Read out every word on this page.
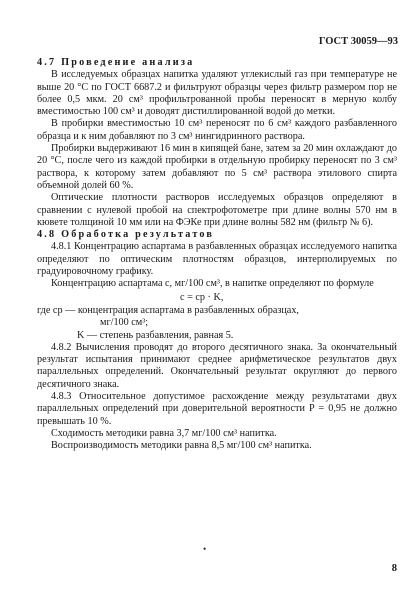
ГОСТ 30059—93

4.7 Проведение анализа

В исследуемых образцах напитка удаляют углекислый газ при температуре не выше 20 °C по ГОСТ 6687.2 и фильтруют образцы через фильтр размером пор не более 0,5 мкм. 20 см³ профильтрованной пробы переносят в мерную колбу вместимостью 100 см³ и доводят дистиллированной водой до метки.

В пробирки вместимостью 10 см³ переносят по 6 см³ каждого разбавленного образца и к ним добавляют по 3 см³ нингидринного раствора.

Пробирки выдерживают 16 мин в кипящей бане, затем за 20 мин охлаждают до 20 °C, после чего из каждой пробирки в отдельную пробирку переносят по 3 см³ раствора, к которому затем добавляют по 5 см³ раствора этилового спирта объемной долей 60 %.

Оптические плотности растворов исследуемых образцов определяют в сравнении с нулевой пробой на спектрофотометре при длине волны 570 нм в кювете толщиной 10 мм или на ФЭКе при длине волны 582 нм (фильтр № 6).

4.8 Обработка результатов

4.8.1 Концентрацию аспартама в разбавленных образцах исследуемого напитка определяют по оптическим плотностям образцов, интерполируемых по градуировочному графику.

Концентрацию аспартама c, мг/100 см³, в напитке определяют по формуле

c = cр · K,

где cр — концентрация аспартама в разбавленных образцах,
мг/100 см³;
K — степень разбавления, равная 5.

4.8.2 Вычисления проводят до второго десятичного знака. За окончательный результат испытания принимают среднее арифметическое результатов двух параллельных определений. Окончательный результат округляют до первого десятичного знака.

4.8.3 Относительное допустимое расхождение между результатами двух параллельных определений при доверительной вероятности P = 0,95 не должно превышать 10 %.

Сходимость методики равна 3,7 мг/100 см³ напитка.

Воспроизводимость методики равна 8,5 мг/100 см³ напитка.

•
8
